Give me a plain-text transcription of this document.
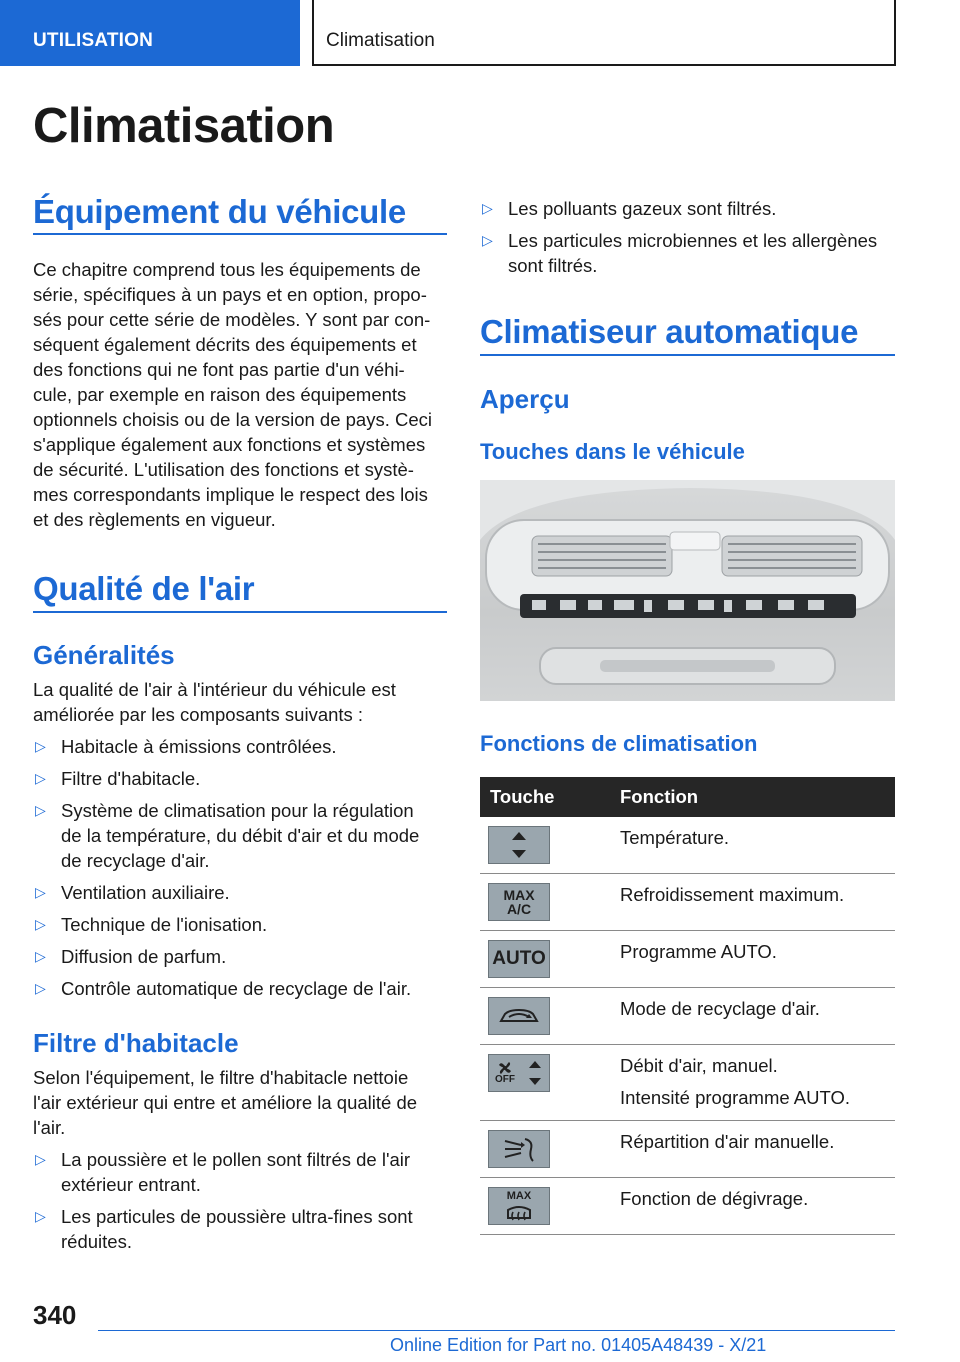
UTILISATION	Climatisation
Climatisation
Équipement du véhicule
Ce chapitre comprend tous les équipements de
série, spécifiques à un pays et en option, propo-
sés pour cette série de modèles. Y sont par con-
séquent également décrits des équipements et
des fonctions qui ne font pas partie d'un véhi-
cule, par exemple en raison des équipements
optionnels choisis ou de la version de pays. Ceci
s'applique également aux fonctions et systèmes
de sécurité. L'utilisation des fonctions et systè-
mes correspondants implique le respect des lois
et des règlements en vigueur.
Qualité de l'air
Généralités
La qualité de l'air à l'intérieur du véhicule est
améliorée par les composants suivants :
▷ Habitacle à émissions contrôlées.
▷ Filtre d'habitacle.
▷ Système de climatisation pour la régulation
de la température, du débit d'air et du mode
de recyclage d'air.
▷ Ventilation auxiliaire.
▷ Technique de l'ionisation.
▷ Diffusion de parfum.
▷ Contrôle automatique de recyclage de l'air.
Filtre d'habitacle
Selon l'équipement, le filtre d'habitacle nettoie
l'air extérieur qui entre et améliore la qualité de
l'air.
▷ La poussière et le pollen sont filtrés de l'air
extérieur entrant.
▷ Les particules de poussière ultra-fines sont
réduites.
▷ Les polluants gazeux sont filtrés.
▷ Les particules microbiennes et les allergènes
sont filtrés.
Climatiseur automatique
Aperçu
Touches dans le véhicule
Fonctions de climatisation
Touche	Fonction

Température.

MAX
A/C	Refroidissement maximum.

AUTO	Programme AUTO.

Mode de recyclage d'air.

OFF	Débit d'air, manuel.
Intensité programme AUTO.

Répartition d'air manuelle.

MAX	Fonction de dégivrage.
340
Online Edition for Part no. 01405A48439 - X/21
